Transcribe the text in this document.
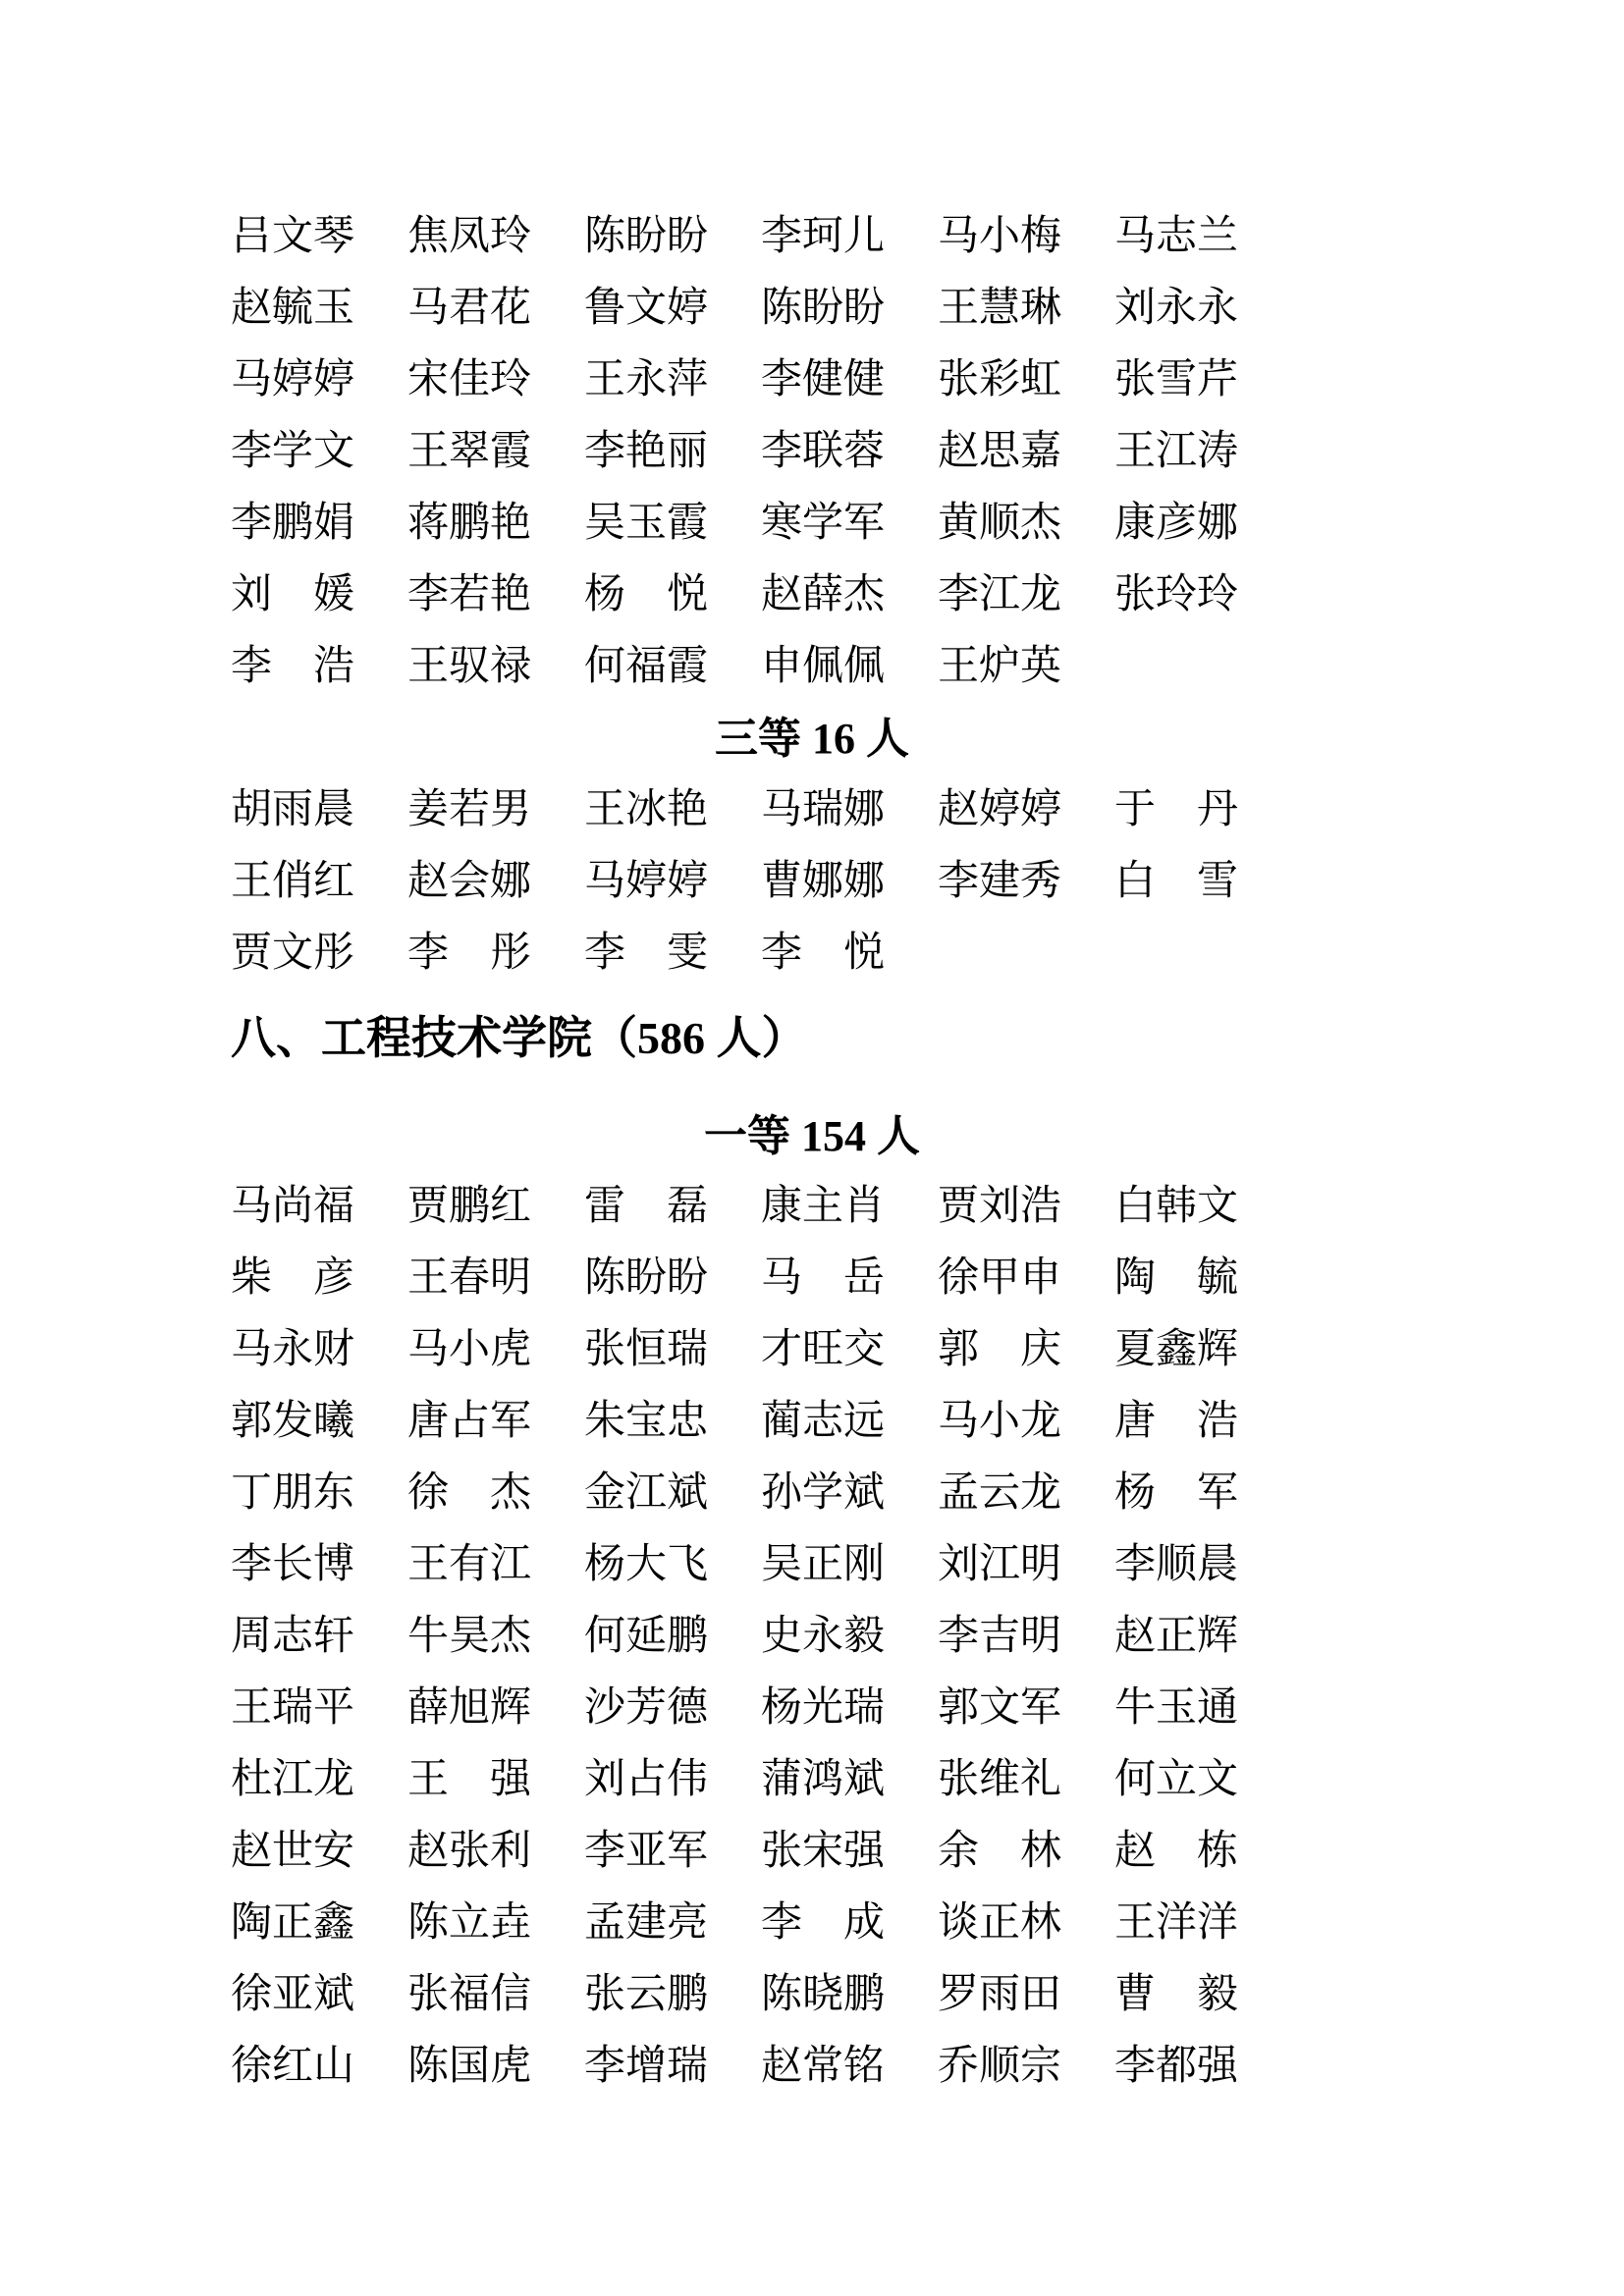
吕文琴 焦凤玲 陈盼盼 李珂儿 马小梅 马志兰
赵毓玉 马君花 鲁文婷 陈盼盼 王慧琳 刘永永
马婷婷 宋佳玲 王永萍 李健健 张彩虹 张雪芹
李学文 王翠霞 李艳丽 李联蓉 赵思嘉 王江涛
李鹏娟 蒋鹏艳 吴玉霞 寒学军 黄顺杰 康彦娜
刘　媛 李若艳 杨　悦 赵薛杰 李江龙 张玲玲
李　浩 王驭禄 何福霞 申佩佩 王炉英
三等 16 人
胡雨晨 姜若男 王冰艳 马瑞娜 赵婷婷 于　丹
王俏红 赵会娜 马婷婷 曹娜娜 李建秀 白　雪
贾文彤 李　彤 李　雯 李　悦
八、工程技术学院（586 人）
一等 154 人
马尚福 贾鹏红 雷　磊 康主肖 贾刘浩 白韩文
柴　彦 王春明 陈盼盼 马　岳 徐甲申 陶　毓
马永财 马小虎 张恒瑞 才旺交 郭　庆 夏鑫辉
郭发曦 唐占军 朱宝忠 蔺志远 马小龙 唐　浩
丁朋东 徐　杰 金江斌 孙学斌 孟云龙 杨　军
李长博 王有江 杨大飞 吴正刚 刘江明 李顺晨
周志轩 牛昊杰 何延鹏 史永毅 李吉明 赵正辉
王瑞平 薛旭辉 沙芳德 杨光瑞 郭文军 牛玉通
杜江龙 王　强 刘占伟 蒲鸿斌 张维礼 何立文
赵世安 赵张利 李亚军 张宋强 余　林 赵　栋
陶正鑫 陈立垚 孟建亮 李　成 谈正林 王洋洋
徐亚斌 张福信 张云鹏 陈晓鹏 罗雨田 曹　毅
徐红山 陈国虎 李增瑞 赵常铭 乔顺宗 李都强
